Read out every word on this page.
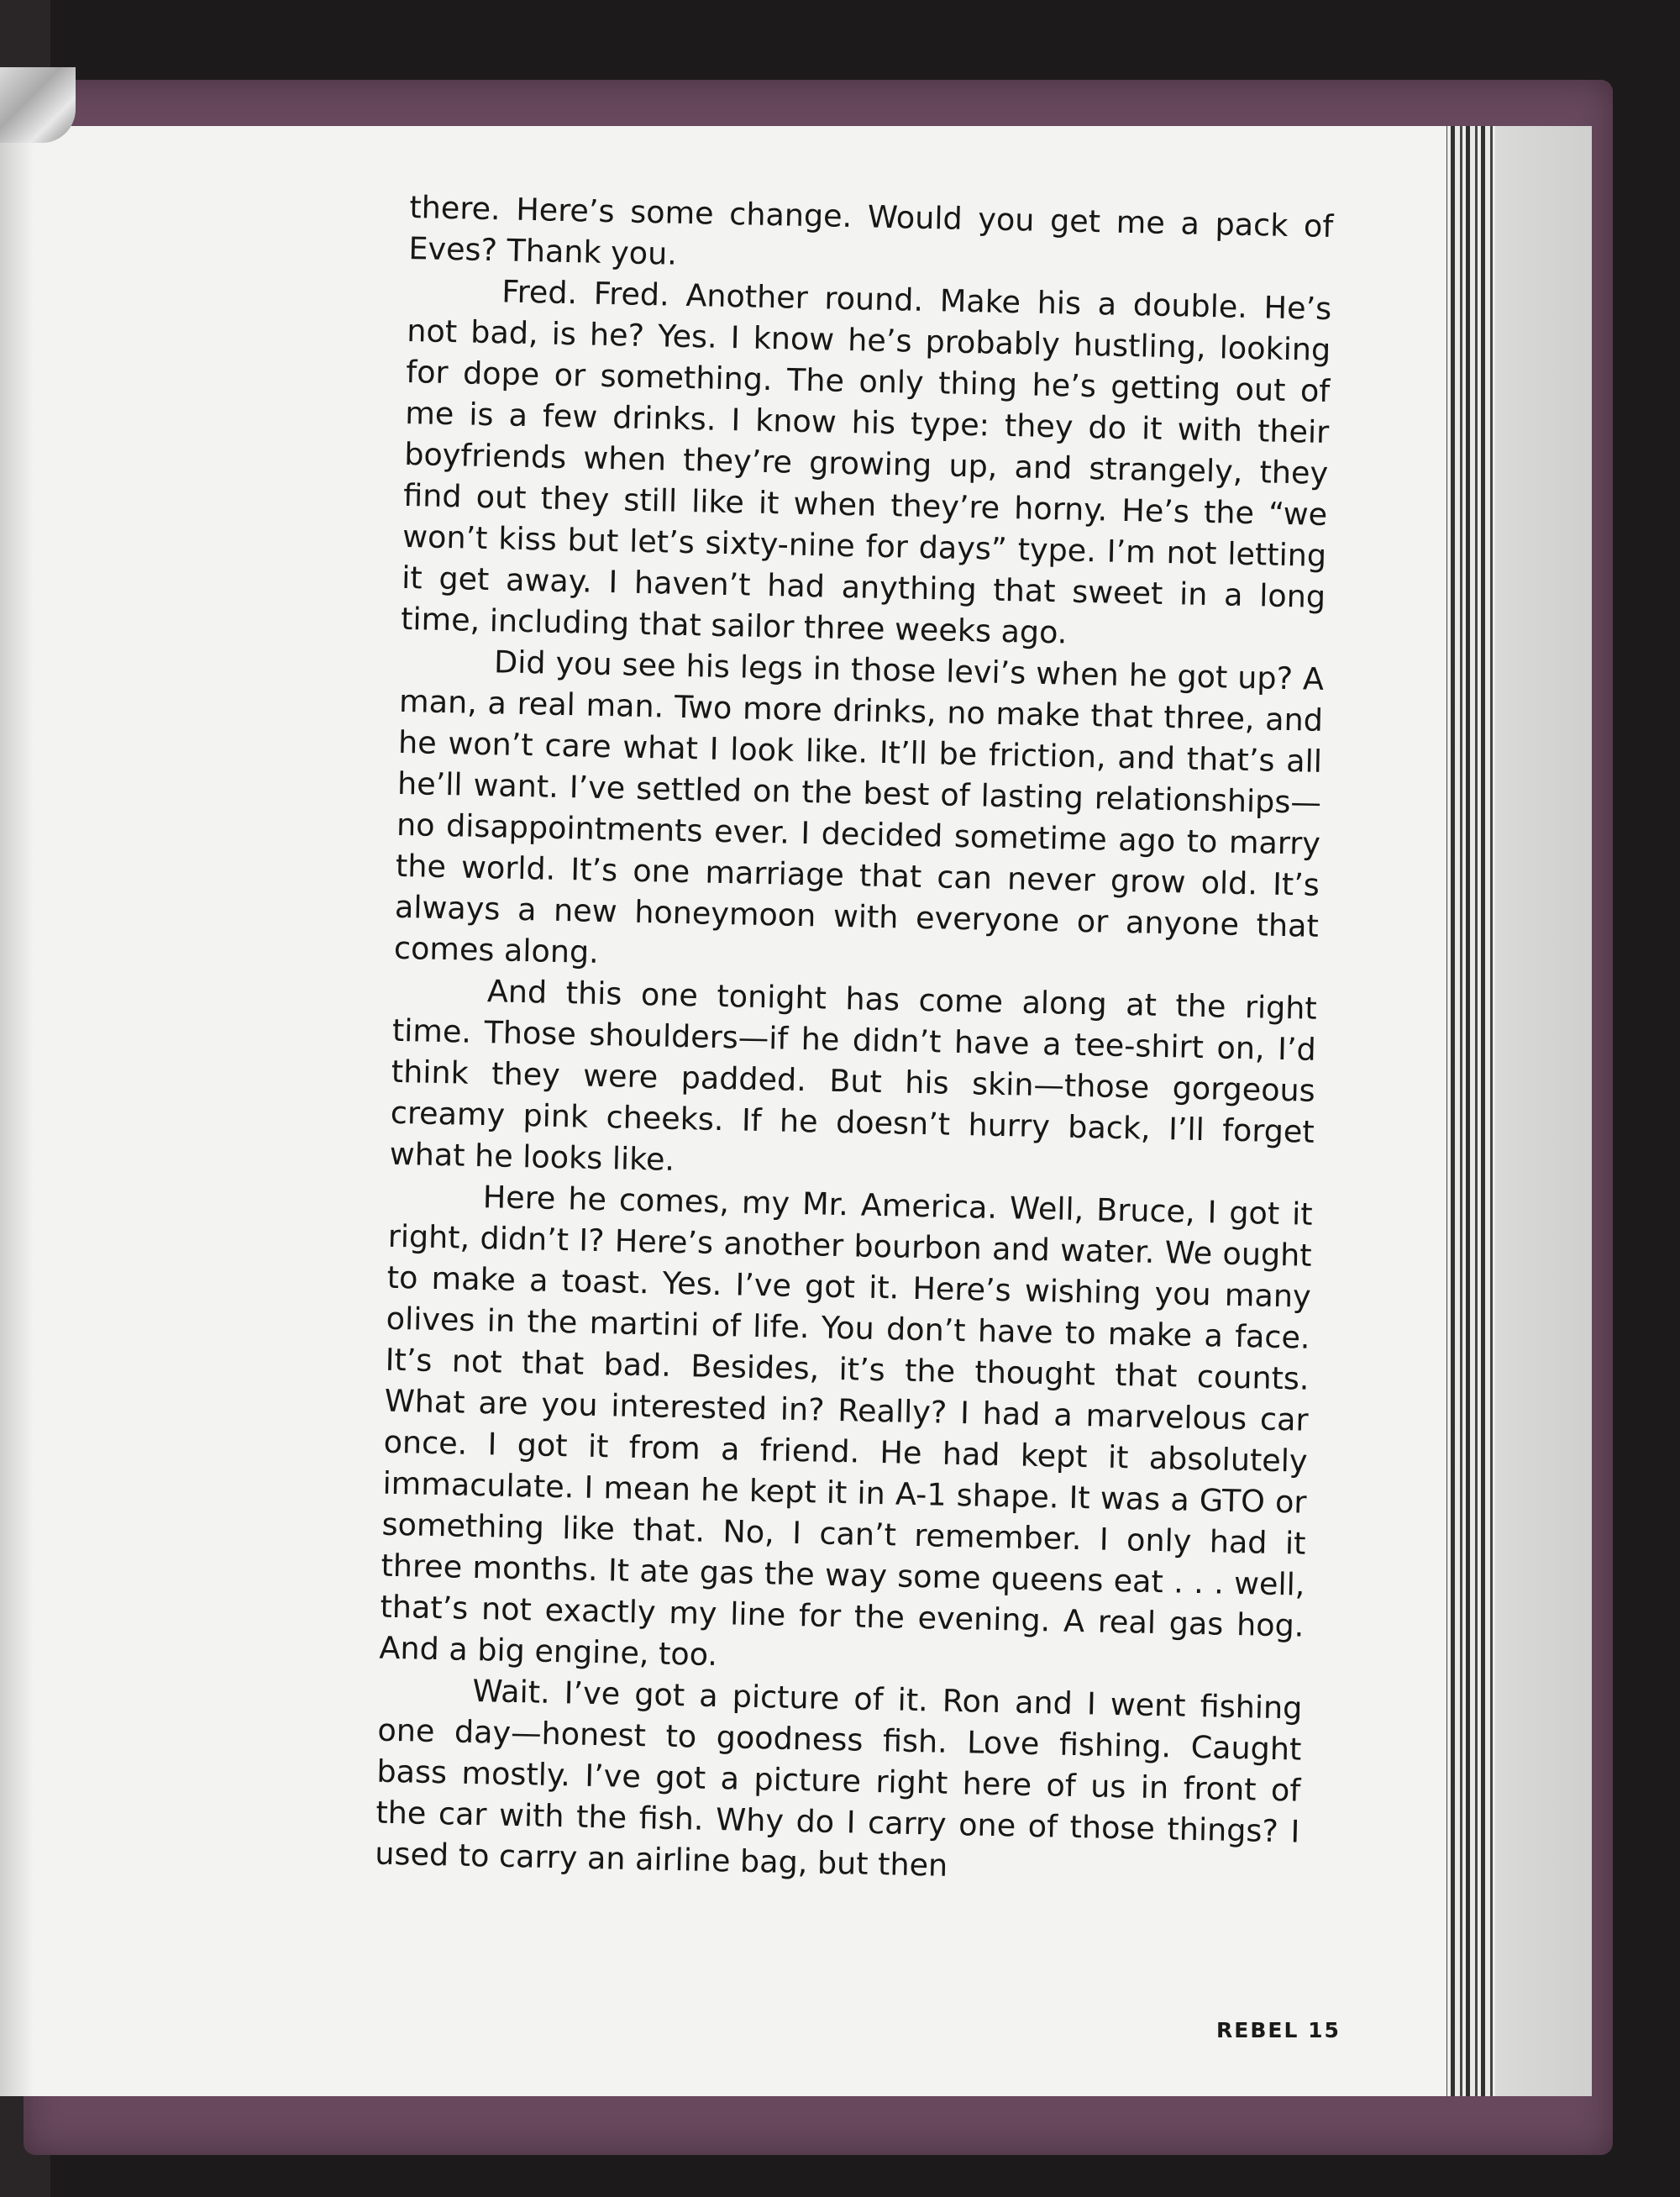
there. Here’s some change. Would you get me a pack of Eves? Thank you.

Fred. Fred. Another round. Make his a double. He’s not bad, is he? Yes. I know he’s probably hustling, looking for dope or something. The only thing he’s getting out of me is a few drinks. I know his type: they do it with their boyfriends when they’re growing up, and strangely, they find out they still like it when they’re horny. He’s the “we won’t kiss but let’s sixty-nine for days” type. I’m not letting it get away. I haven’t had anything that sweet in a long time, including that sailor three weeks ago.

Did you see his legs in those levi’s when he got up? A man, a real man. Two more drinks, no make that three, and he won’t care what I look like. It’ll be friction, and that’s all he’ll want. I’ve settled on the best of lasting relationships—no disappointments ever. I decided sometime ago to marry the world. It’s one marriage that can never grow old. It’s always a new honeymoon with everyone or anyone that comes along.

And this one tonight has come along at the right time. Those shoulders—if he didn’t have a tee-shirt on, I’d think they were padded. But his skin—those gorgeous creamy pink cheeks. If he doesn’t hurry back, I’ll forget what he looks like.

Here he comes, my Mr. America. Well, Bruce, I got it right, didn’t I? Here’s another bourbon and water. We ought to make a toast. Yes. I’ve got it. Here’s wishing you many olives in the martini of life. You don’t have to make a face. It’s not that bad. Besides, it’s the thought that counts. What are you interested in? Really? I had a marvelous car once. I got it from a friend. He had kept it absolutely immaculate. I mean he kept it in A-1 shape. It was a GTO or something like that. No, I can’t remember. I only had it three months. It ate gas the way some queens eat . . . well, that’s not exactly my line for the evening. A real gas hog. And a big engine, too.

Wait. I’ve got a picture of it. Ron and I went fishing one day—honest to goodness fish. Love fishing. Caught bass mostly. I’ve got a picture right here of us in front of the car with the fish. Why do I carry one of those things? I used to carry an airline bag, but then

REBEL 15
